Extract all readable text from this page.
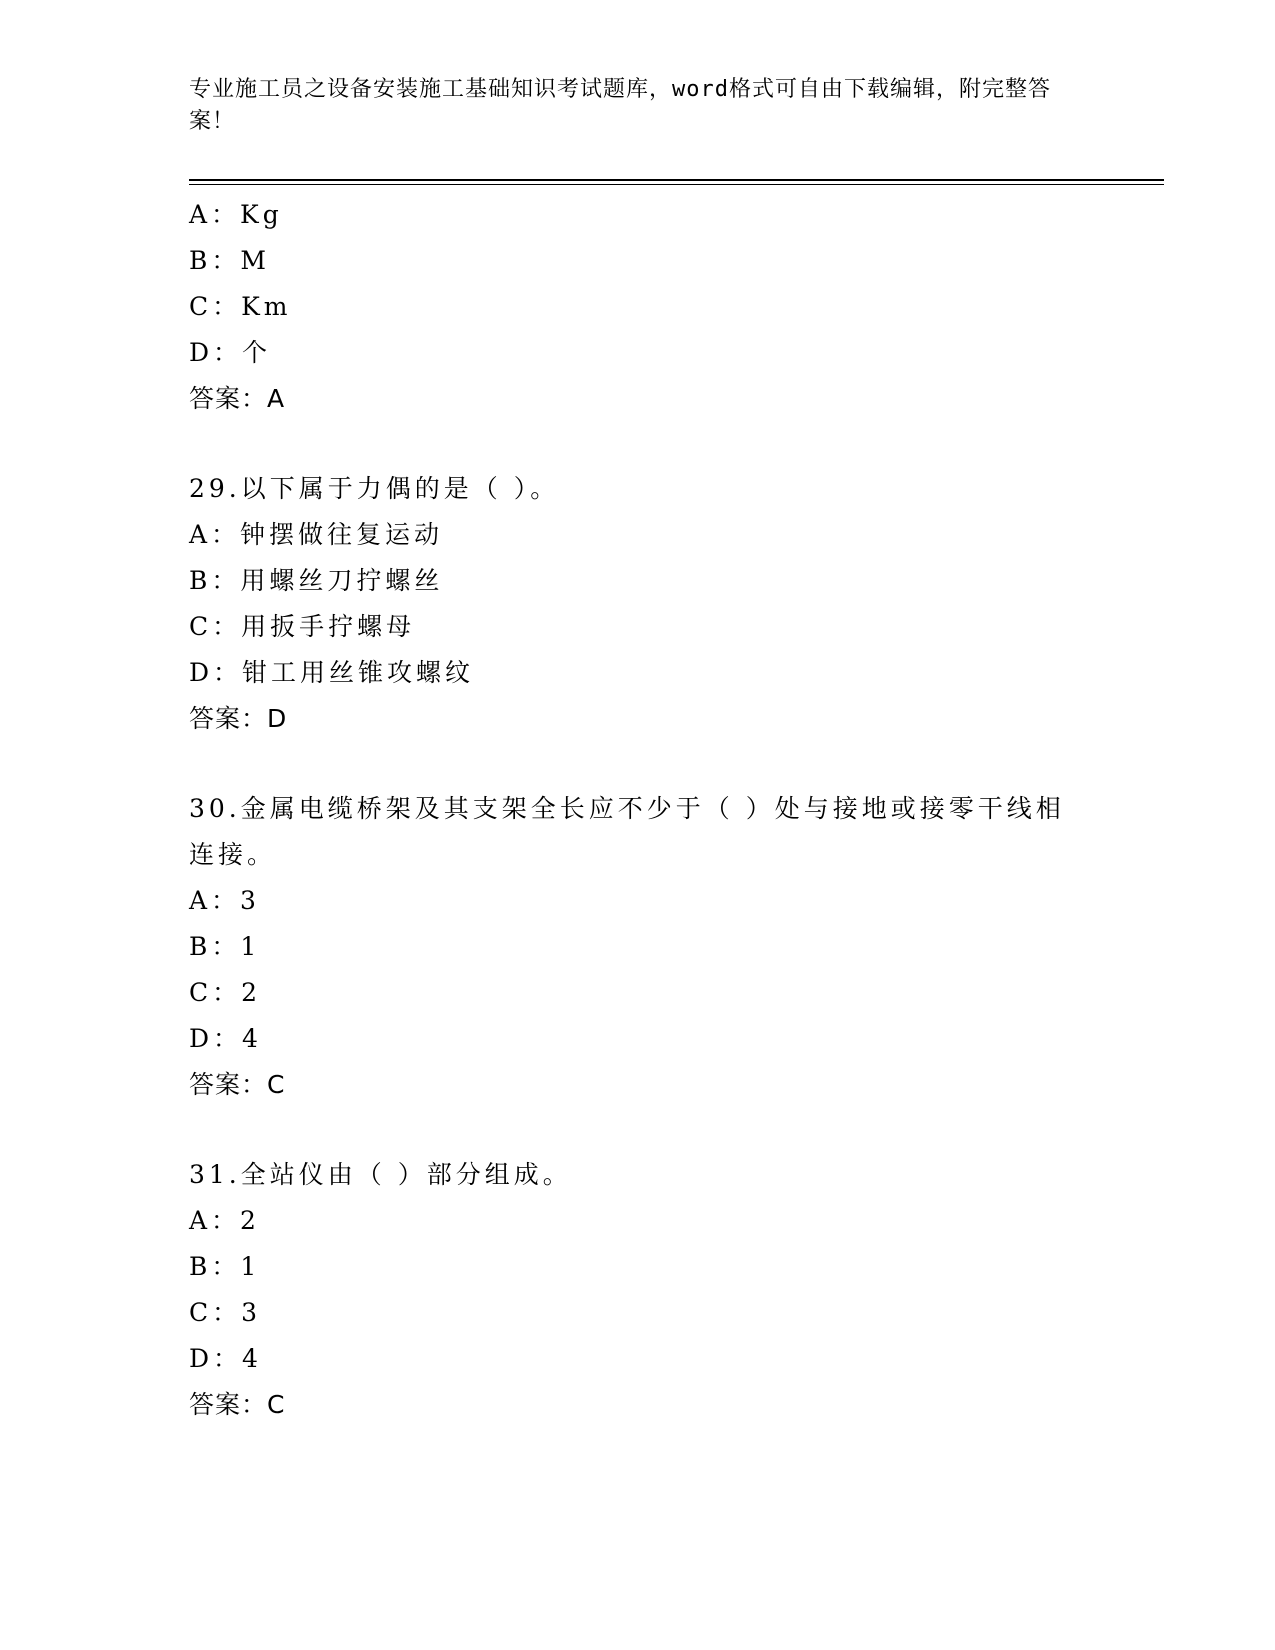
专业施工员之设备安装施工基础知识考试题库，word格式可自由下载编辑，附完整答案！
A：Kg
B：M
C：Km
D：个
答案：A
29.以下属于力偶的是（ ）。
A：钟摆做往复运动
B：用螺丝刀拧螺丝
C：用扳手拧螺母
D：钳工用丝锥攻螺纹
答案：D
30.金属电缆桥架及其支架全长应不少于（ ）处与接地或接零干线相连接。
A：3
B：1
C：2
D：4
答案：C
31.全站仪由（ ）部分组成。
A：2
B：1
C：3
D：4
答案：C
